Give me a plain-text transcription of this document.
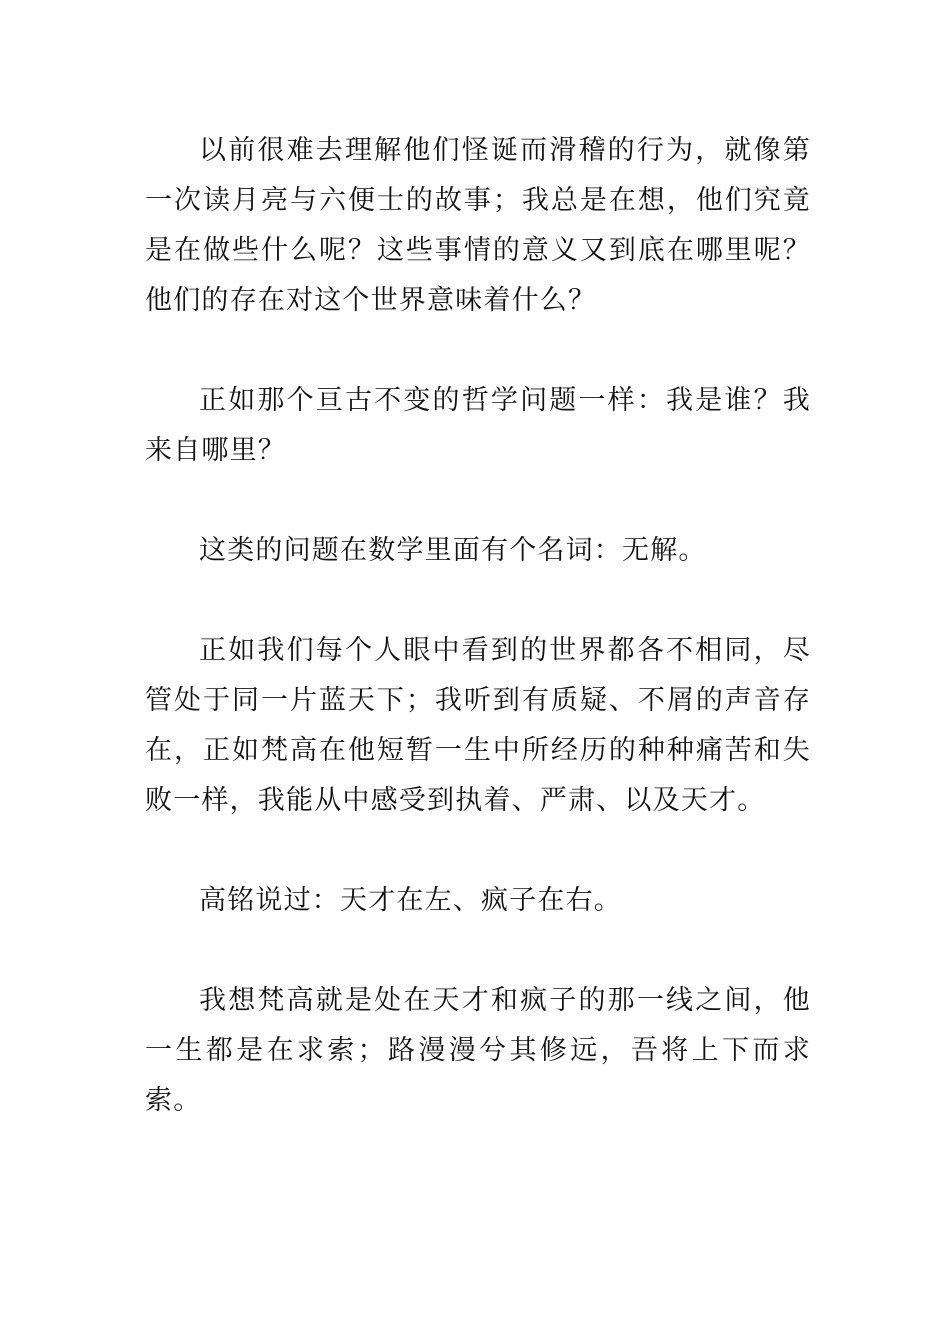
以前很难去理解他们怪诞而滑稽的行为，就像第一次读月亮与六便士的故事；我总是在想，他们究竟是在做些什么呢？这些事情的意义又到底在哪里呢？他们的存在对这个世界意味着什么？

正如那个亘古不变的哲学问题一样：我是谁？我来自哪里？

这类的问题在数学里面有个名词：无解。

正如我们每个人眼中看到的世界都各不相同，尽管处于同一片蓝天下；我听到有质疑、不屑的声音存在，正如梵高在他短暂一生中所经历的种种痛苦和失败一样，我能从中感受到执着、严肃、以及天才。

高铭说过：天才在左、疯子在右。

我想梵高就是处在天才和疯子的那一线之间，他一生都是在求索；路漫漫兮其修远，吾将上下而求索。
